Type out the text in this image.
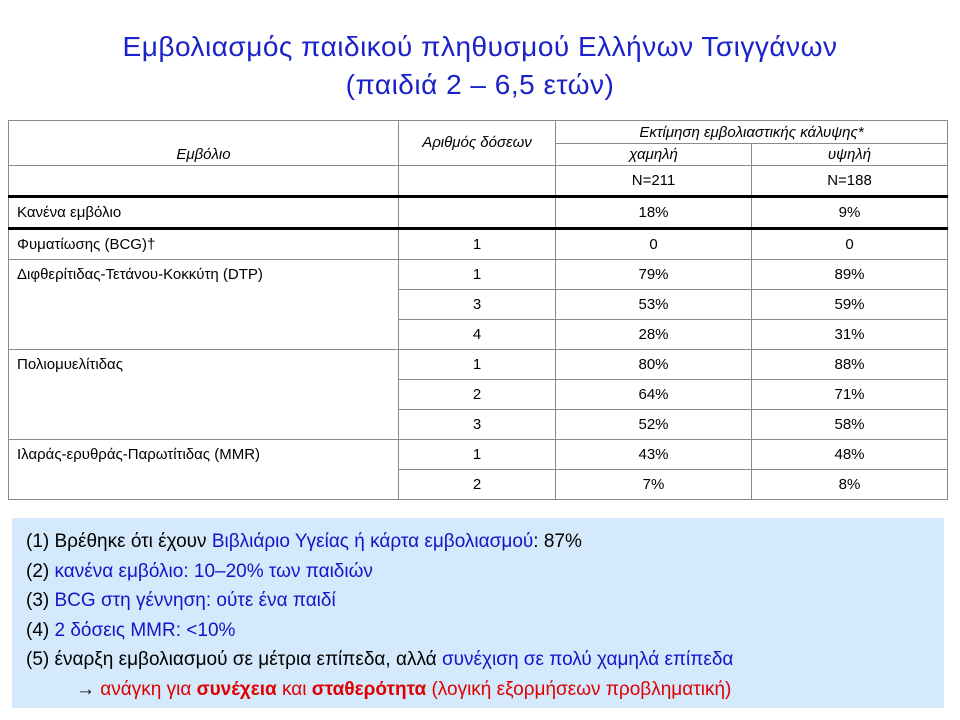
Εμβολιασμός παιδικού πληθυσμού Ελλήνων Τσιγγάνων
(παιδιά 2 – 6,5 ετών)
	Αριθμός δόσεων	Εκτίμηση εμβολιαστικής κάλυψης*	
Εμβόλιο		χαμηλή	υψηλή
		N=211	N=188
Κανένα εμβόλιο		18%	9%
Φυματίωσης (BCG)†	1	0	0
Διφθερίτιδας-Τετάνου-Κοκκύτη (DTP)	1	79%	89%
	3	53%	59%
	4	28%	31%
Πολιομυελίτιδας	1	80%	88%
	2	64%	71%
	3	52%	58%
Ιλαράς-ερυθράς-Παρωτίτιδας (MMR)	1	43%	48%
	2	7%	8%
(1) Βρέθηκε ότι έχουν Βιβλιάριο Υγείας ή κάρτα εμβολιασμού: 87%
(2) κανένα εμβόλιο: 10–20% των παιδιών
(3) BCG στη γέννηση: ούτε ένα παιδί
(4) 2 δόσεις MMR: <10%
(5) έναρξη εμβολιασμού σε μέτρια επίπεδα, αλλά συνέχιση σε πολύ χαμηλά επίπεδα
→ ανάγκη για συνέχεια και σταθερότητα (λογική εξορμήσεων προβληματική)
